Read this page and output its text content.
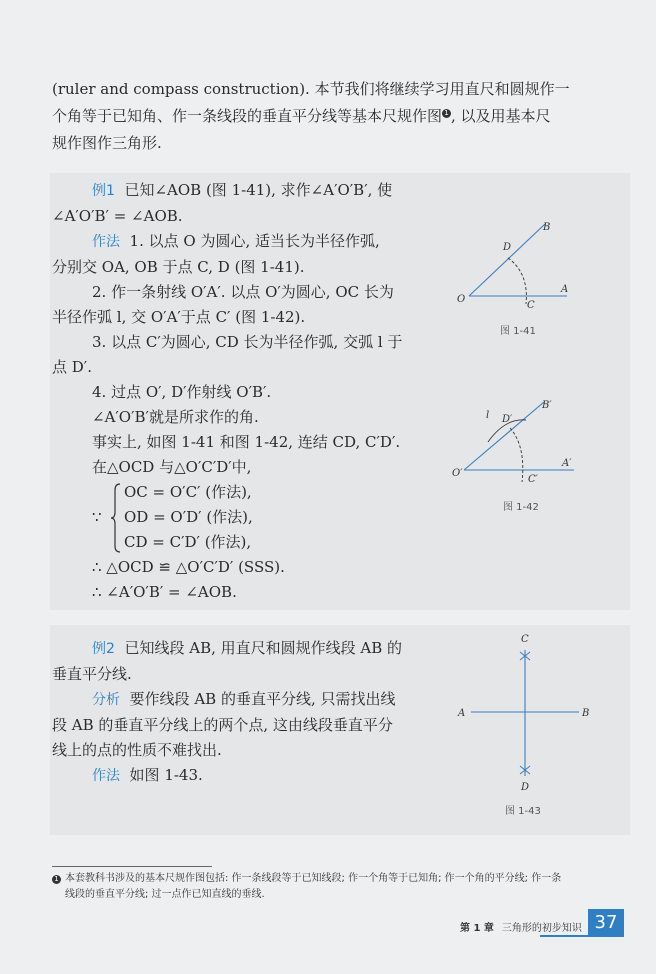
(ruler and compass construction). 本节我们将继续学习用直尺和圆规作一

个角等于已知角、作一条线段的垂直平分线等基本尺规作图 1 , 以及用基本尺

规作图作三角形.

例1 已知∠AOB (图 1-41), 求作∠A′O′B′, 使

∠A′O′B′ = ∠AOB.

作法 1. 以点 O 为圆心, 适当长为半径作弧,

分别交 OA, OB 于点 C, D (图 1-41).

2. 作一条射线 O′A′. 以点 O′为圆心, OC 长为

半径作弧 l, 交 O′A′于点 C′ (图 1-42).

3. 以点 C′为圆心, CD 长为半径作弧, 交弧 l 于

点 D′.

4. 过点 O′, D′作射线 O′B′.

∠A′O′B′就是所求作的角.

事实上, 如图 1-41 和图 1-42, 连结 CD, C′D′.

在△OCD 与△O′C′D′中,

∵
OC = O′C′ (作法),
OD = O′D′ (作法),
CD = C′D′ (作法),

∴ △OCD ≌ △O′C′D′ (SSS).

∴ ∠A′O′B′ = ∠AOB.

O
A
B
C
D
图 1-41
O′
A′
B′
C′
D′
l
图 1-42

例2 已知线段 AB, 用直尺和圆规作线段 AB 的

垂直平分线.

分析 要作线段 AB 的垂直平分线, 只需找出线

段 AB 的垂直平分线上的两个点, 这由线段垂直平分

线上的点的性质不难找出.

作法 如图 1-43.

A	B
C
D
图 1-43
1 本套教科书涉及的基本尺规作图包括: 作一条线段等于已知线段; 作一个角等于已知角; 作一个角的平分线; 作一条
线段的垂直平分线; 过一点作已知直线的垂线.
第 1 章 三角形的初步知识 37
